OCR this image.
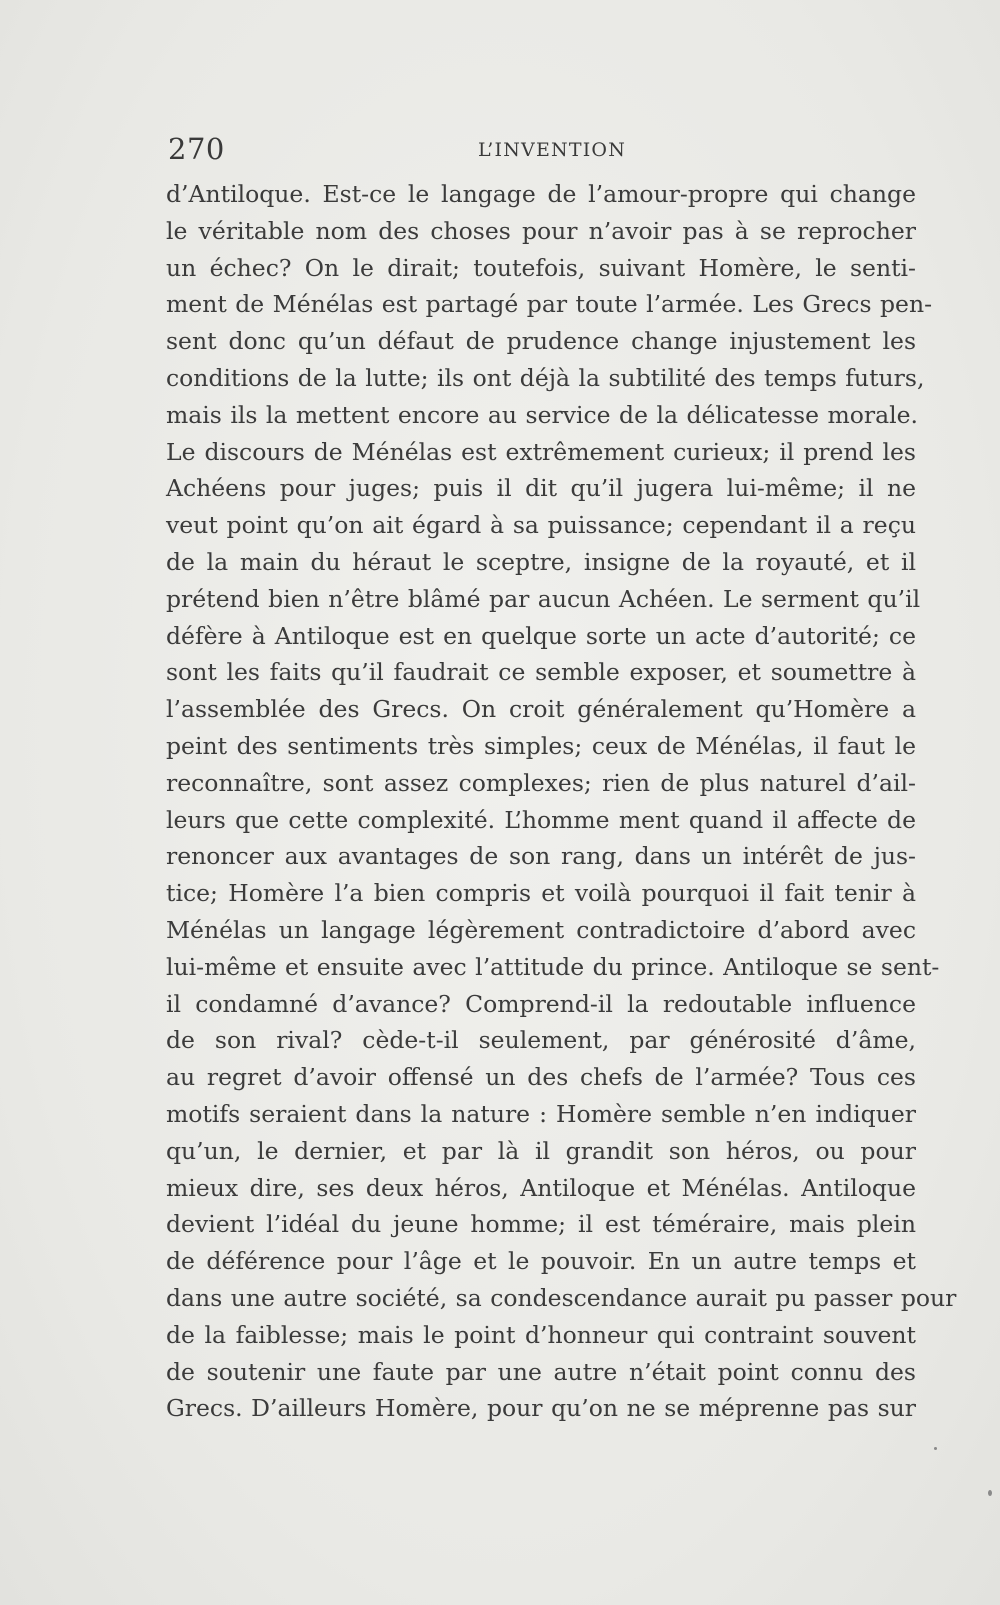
270	L’INVENTION
d’Antiloque. Est-ce le langage de l’amour-propre qui change
le véritable nom des choses pour n’avoir pas à se reprocher
un échec? On le dirait; toutefois, suivant Homère, le senti-
ment de Ménélas est partagé par toute l’armée. Les Grecs pen-
sent donc qu’un défaut de prudence change injustement les
conditions de la lutte; ils ont déjà la subtilité des temps futurs,
mais ils la mettent encore au service de la délicatesse morale.
Le discours de Ménélas est extrêmement curieux; il prend les
Achéens pour juges; puis il dit qu’il jugera lui-même; il ne
veut point qu’on ait égard à sa puissance; cependant il a reçu
de la main du héraut le sceptre, insigne de la royauté, et il
prétend bien n’être blâmé par aucun Achéen. Le serment qu’il
défère à Antiloque est en quelque sorte un acte d’autorité; ce
sont les faits qu’il faudrait ce semble exposer, et soumettre à
l’assemblée des Grecs. On croit généralement qu’Homère a
peint des sentiments très simples; ceux de Ménélas, il faut le
reconnaître, sont assez complexes; rien de plus naturel d’ail-
leurs que cette complexité. L’homme ment quand il affecte de
renoncer aux avantages de son rang, dans un intérêt de jus-
tice; Homère l’a bien compris et voilà pourquoi il fait tenir à
Ménélas un langage légèrement contradictoire d’abord avec
lui-même et ensuite avec l’attitude du prince. Antiloque se sent-
il condamné d’avance? Comprend-il la redoutable influence
de son rival? cède-t-il seulement, par générosité d’âme,
au regret d’avoir offensé un des chefs de l’armée? Tous ces
motifs seraient dans la nature : Homère semble n’en indiquer
qu’un, le dernier, et par là il grandit son héros, ou pour
mieux dire, ses deux héros, Antiloque et Ménélas. Antiloque
devient l’idéal du jeune homme; il est téméraire, mais plein
de déférence pour l’âge et le pouvoir. En un autre temps et
dans une autre société, sa condescendance aurait pu passer pour
de la faiblesse; mais le point d’honneur qui contraint souvent
de soutenir une faute par une autre n’était point connu des
Grecs. D’ailleurs Homère, pour qu’on ne se méprenne pas sur
